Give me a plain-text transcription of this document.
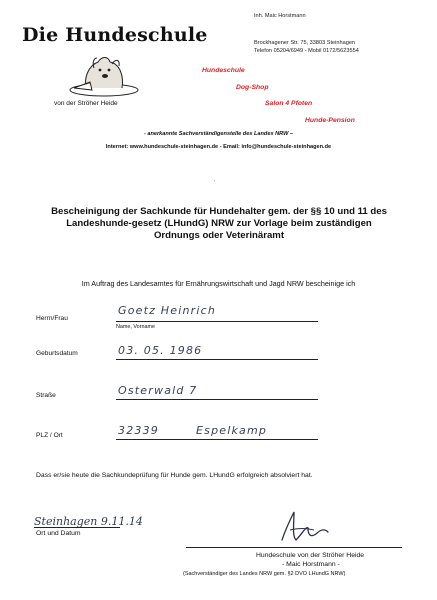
Die Hundeschule
von der Ströher Heide
Inh. Maic Horstmann
Brockhagener Str. 75, 33803 Steinhagen
Telefon 05204/6949 - Mobil 0172/5623554
Hundeschule
Dog-Shop
Salon 4 Pfoten
Hunde-Pension
- anerkannte Sachverständigenstelle des Landes NRW –
Internet: www.hundeschule-steinhagen.de - Email: info@hundeschule-steinhagen.de
'
Bescheinigung der Sachkunde für Hundehalter gem. der §§ 10 und 11 des
Landeshunde-gesetz (LHundG) NRW zur Vorlage beim zuständigen
Ordnungs oder Veterinäramt
Im Auftrag des Landesamtes für Ernährungswirtschaft und Jagd NRW bescheinige ich
Herrn/Frau
Goetz Heinrich
Name, Vorname
Geburtsdatum	03. 05. 1986
Straße	Osterwald 7
PLZ / Ort	32339	Espelkamp
Dass er/sie heute die Sachkundeprüfung für Hunde gem. LHundG erfolgreich absolviert hat.
Steinhagen 9.11.14
Ort und Datum
Hundeschule von der Ströher Heide
- Maic Horstmann -
(Sachverständiger des Landes NRW gem. §2 DVO LHundG NRW)
